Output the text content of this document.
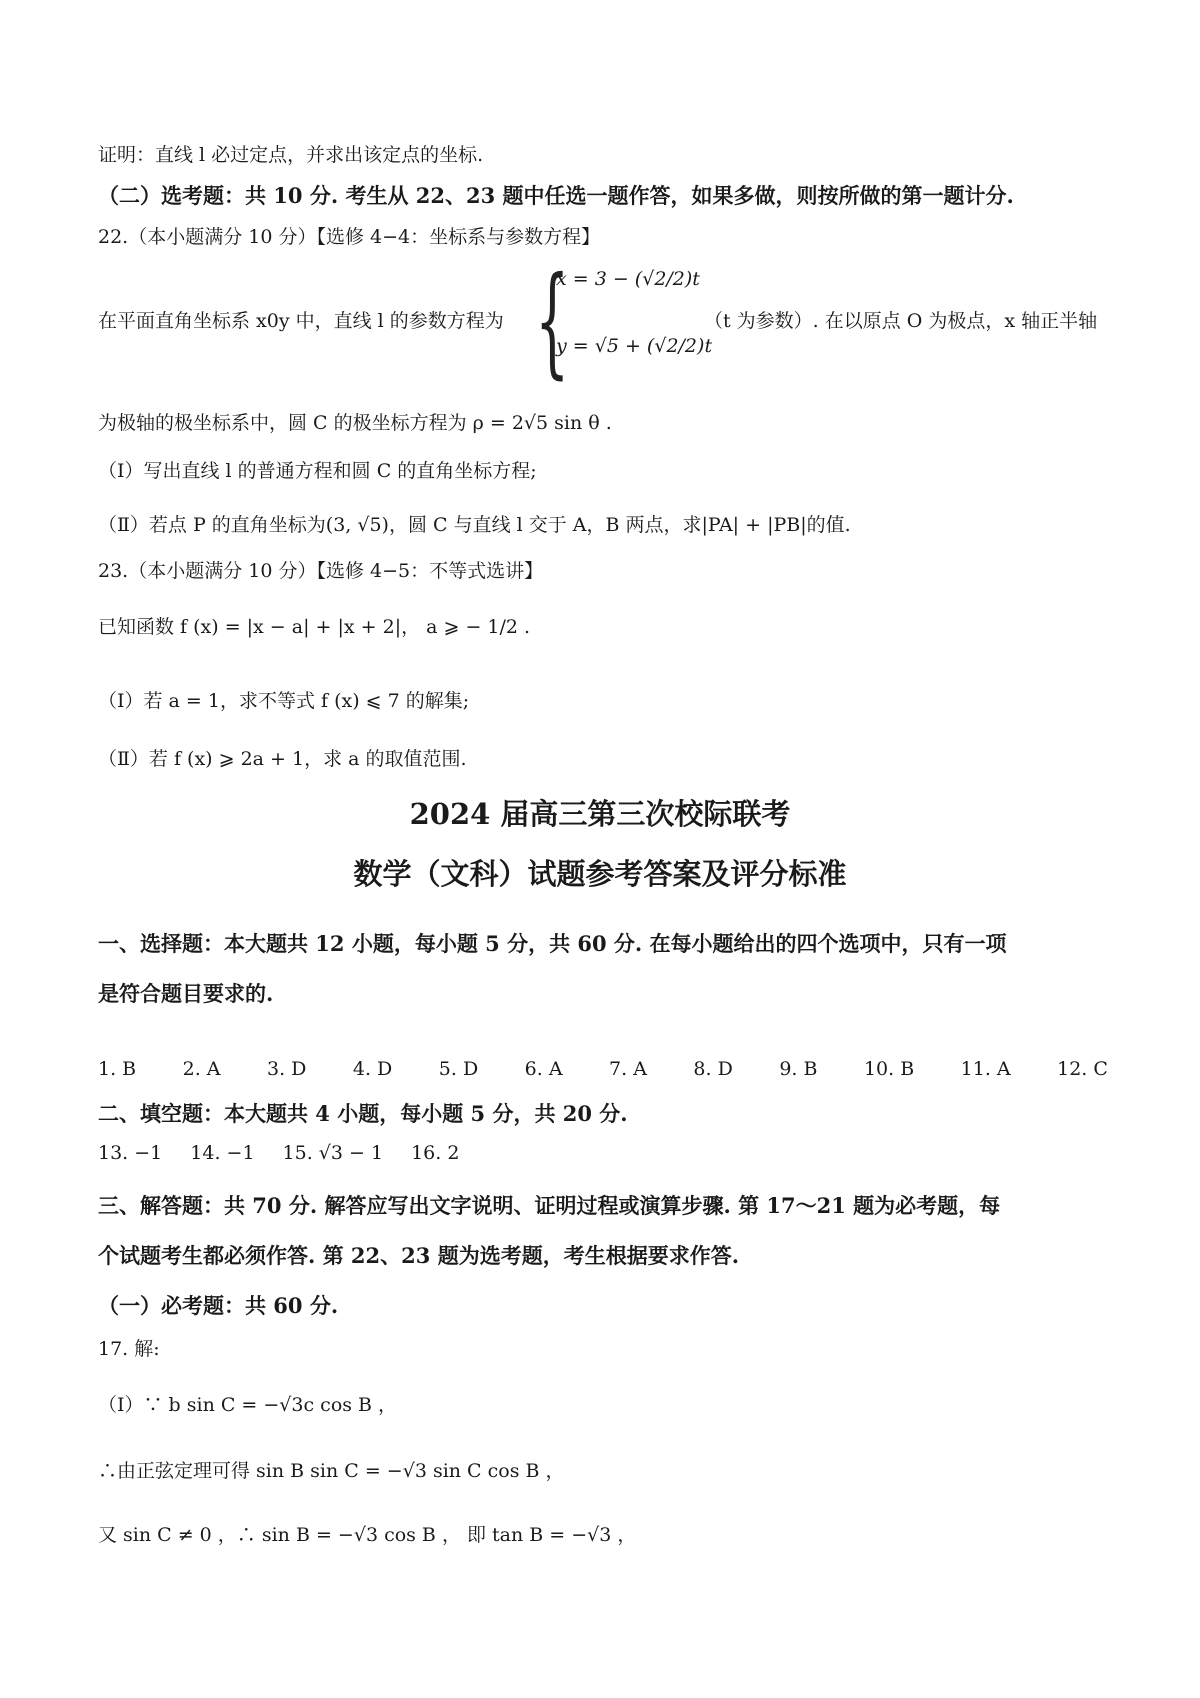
证明：直线 l 必过定点，并求出该定点的坐标.
（二）选考题：共 10 分. 考生从 22、23 题中任选一题作答，如果多做，则按所做的第一题计分.
22.（本小题满分 10 分）【选修 4−4：坐标系与参数方程】
在平面直角坐标系 x0y 中，直线 l 的参数方程为 {
x = 3 − (√2/2)t
y = √5 + (√2/2)t
（t 为参数）. 在以原点 O 为极点，x 轴正半轴
为极轴的极坐标系中，圆 C 的极坐标方程为 ρ = 2√5 sin θ .
（Ⅰ）写出直线 l 的普通方程和圆 C 的直角坐标方程;
（Ⅱ）若点 P 的直角坐标为(3, √5)，圆 C 与直线 l 交于 A，B 两点，求|PA| + |PB|的值.
23.（本小题满分 10 分）【选修 4−5：不等式选讲】
已知函数 f (x) = |x − a| + |x + 2|， a ⩾ − 1/2 .
（Ⅰ）若 a = 1，求不等式 f (x) ⩽ 7 的解集;
（Ⅱ）若 f (x) ⩾ 2a + 1，求 a 的取值范围.
2024 届高三第三次校际联考
数学（文科）试题参考答案及评分标准
一、选择题：本大题共 12 小题，每小题 5 分，共 60 分. 在每小题给出的四个选项中，只有一项
是符合题目要求的.
1. B 2. A 3. D 4. D 5. D 6. A 7. A 8. D 9. B 10. B 11. A 12. C
二、填空题：本大题共 4 小题，每小题 5 分，共 20 分.
13. −1 14. −1 15. √3 − 1 16. 2
三、解答题：共 70 分. 解答应写出文字说明、证明过程或演算步骤. 第 17～21 题为必考题，每
个试题考生都必须作答. 第 22、23 题为选考题，考生根据要求作答.
（一）必考题：共 60 分.
17. 解:
（Ⅰ）∵ b sin C = −√3c cos B ，
∴由正弦定理可得 sin B sin C = −√3 sin C cos B ，
又 sin C ≠ 0 ，∴ sin B = −√3 cos B ， 即 tan B = −√3 ，
